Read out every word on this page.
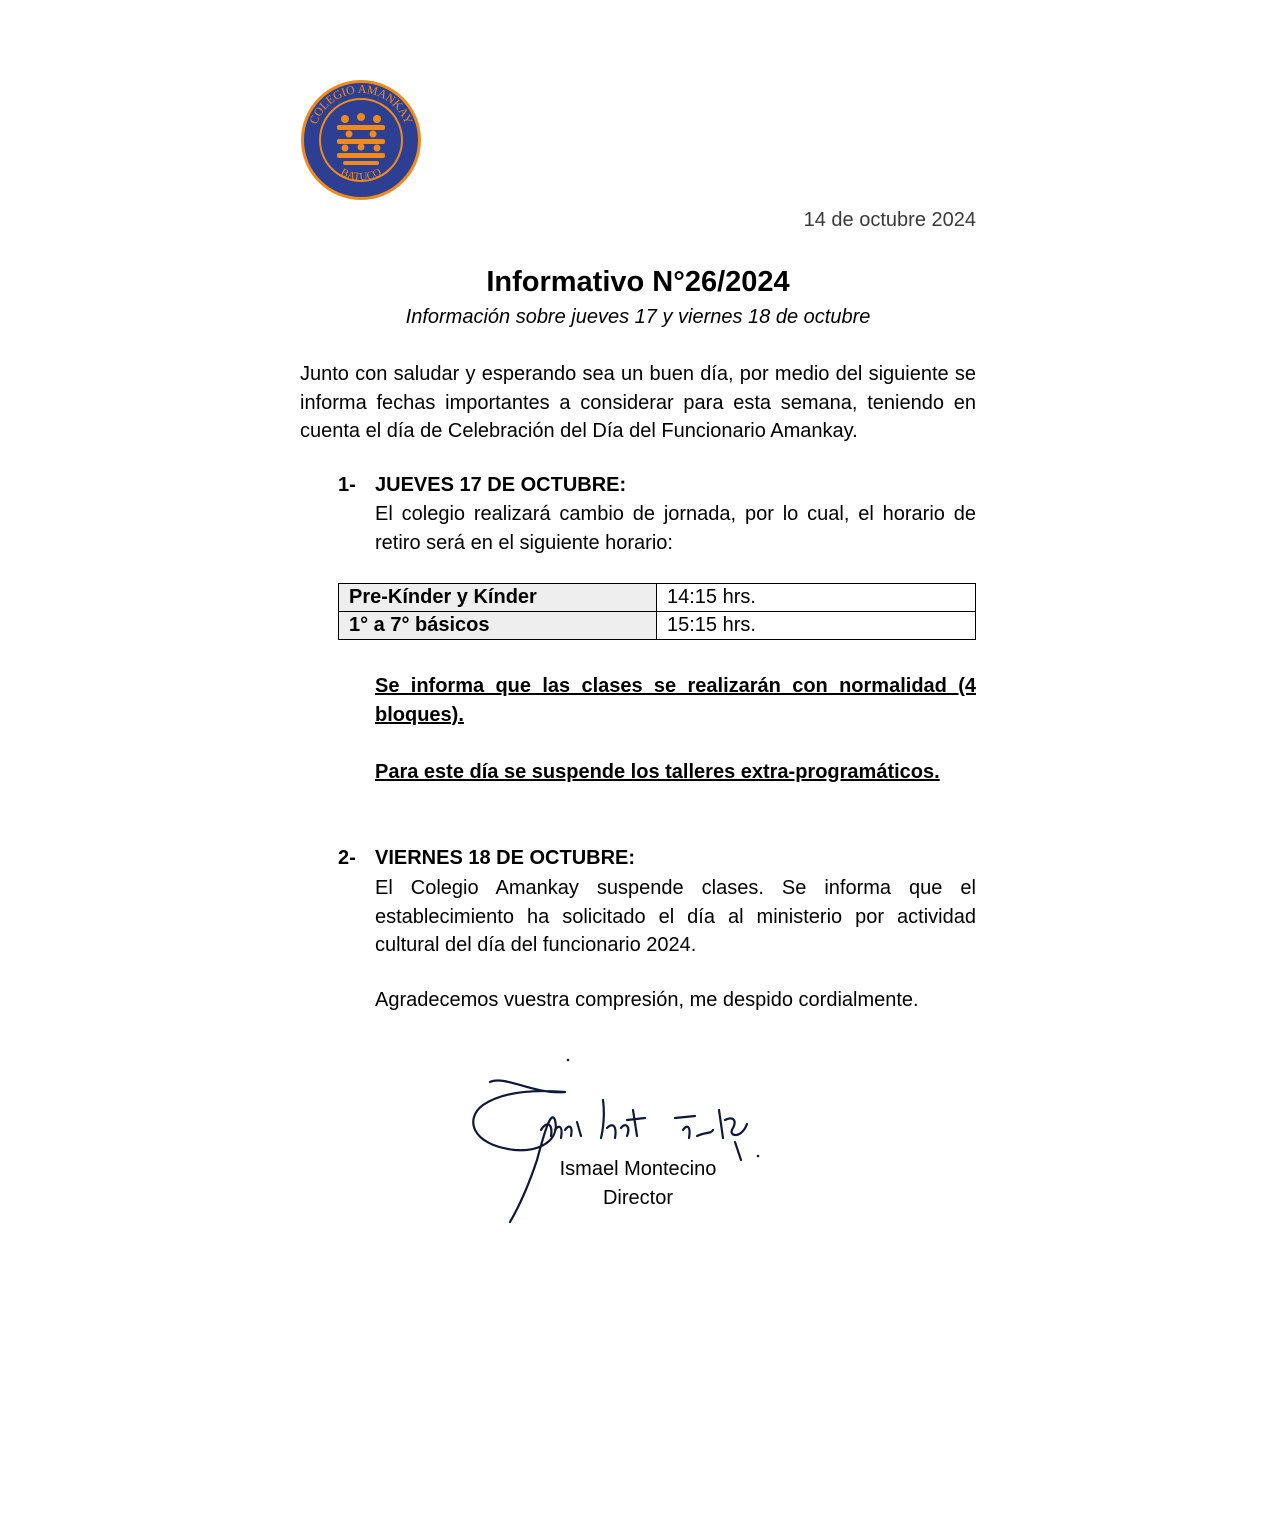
COLEGIO AMANKAY
BATUCO
14 de octubre 2024
Informativo N°26/2024
Información sobre jueves 17 y viernes 18 de octubre
Junto con saludar y esperando sea un buen día, por medio del siguiente se informa fechas importantes a considerar para esta semana, teniendo en cuenta el día de Celebración del Día del Funcionario Amankay.
1- JUEVES 17 DE OCTUBRE:
El colegio realizará cambio de jornada, por lo cual, el horario de retiro será en el siguiente horario:
Pre-Kínder y Kínder	14:15 hrs.
1° a 7° básicos	15:15 hrs.
Se informa que las clases se realizarán con normalidad (4 bloques).
Para este día se suspende los talleres extra-programáticos.
2- VIERNES 18 DE OCTUBRE:
El Colegio Amankay suspende clases. Se informa que el establecimiento ha solicitado el día al ministerio por actividad cultural del día del funcionario 2024.
Agradecemos vuestra compresión, me despido cordialmente.
Ismael Montecino
Director
